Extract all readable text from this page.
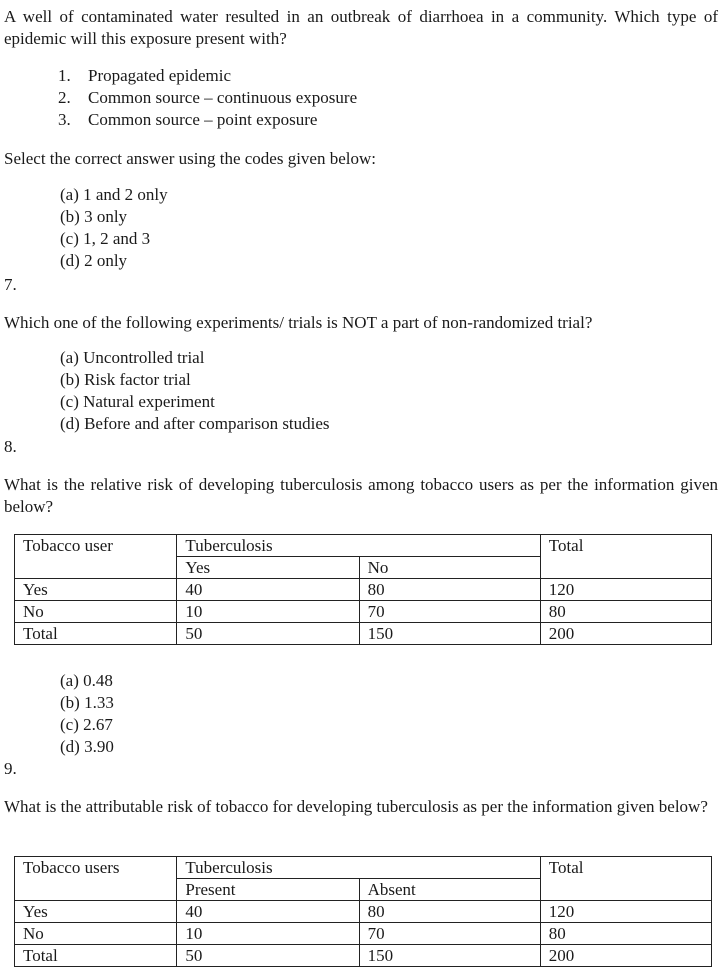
A well of contaminated water resulted in an outbreak of diarrhoea in a community. Which type of epidemic will this exposure present with?
1. Propagated epidemic
2. Common source – continuous exposure
3. Common source – point exposure
Select the correct answer using the codes given below:
(a) 1 and 2 only
(b) 3 only
(c) 1, 2 and 3
(d) 2 only
7.
Which one of the following experiments/ trials is NOT a part of non-randomized trial?
(a) Uncontrolled trial
(b) Risk factor trial
(c) Natural experiment
(d) Before and after comparison studies
8.
What is the relative risk of developing tuberculosis among tobacco users as per the information given below?
Tobacco user	Tuberculosis		Total
	Yes	No	
Yes	40	80	120
No	10	70	80
Total	50	150	200
(a) 0.48
(b) 1.33
(c) 2.67
(d) 3.90
9.
What is the attributable risk of tobacco for developing tuberculosis as per the information given below?
Tobacco users	Tuberculosis		Total
	Present	Absent	
Yes	40	80	120
No	10	70	80
Total	50	150	200
